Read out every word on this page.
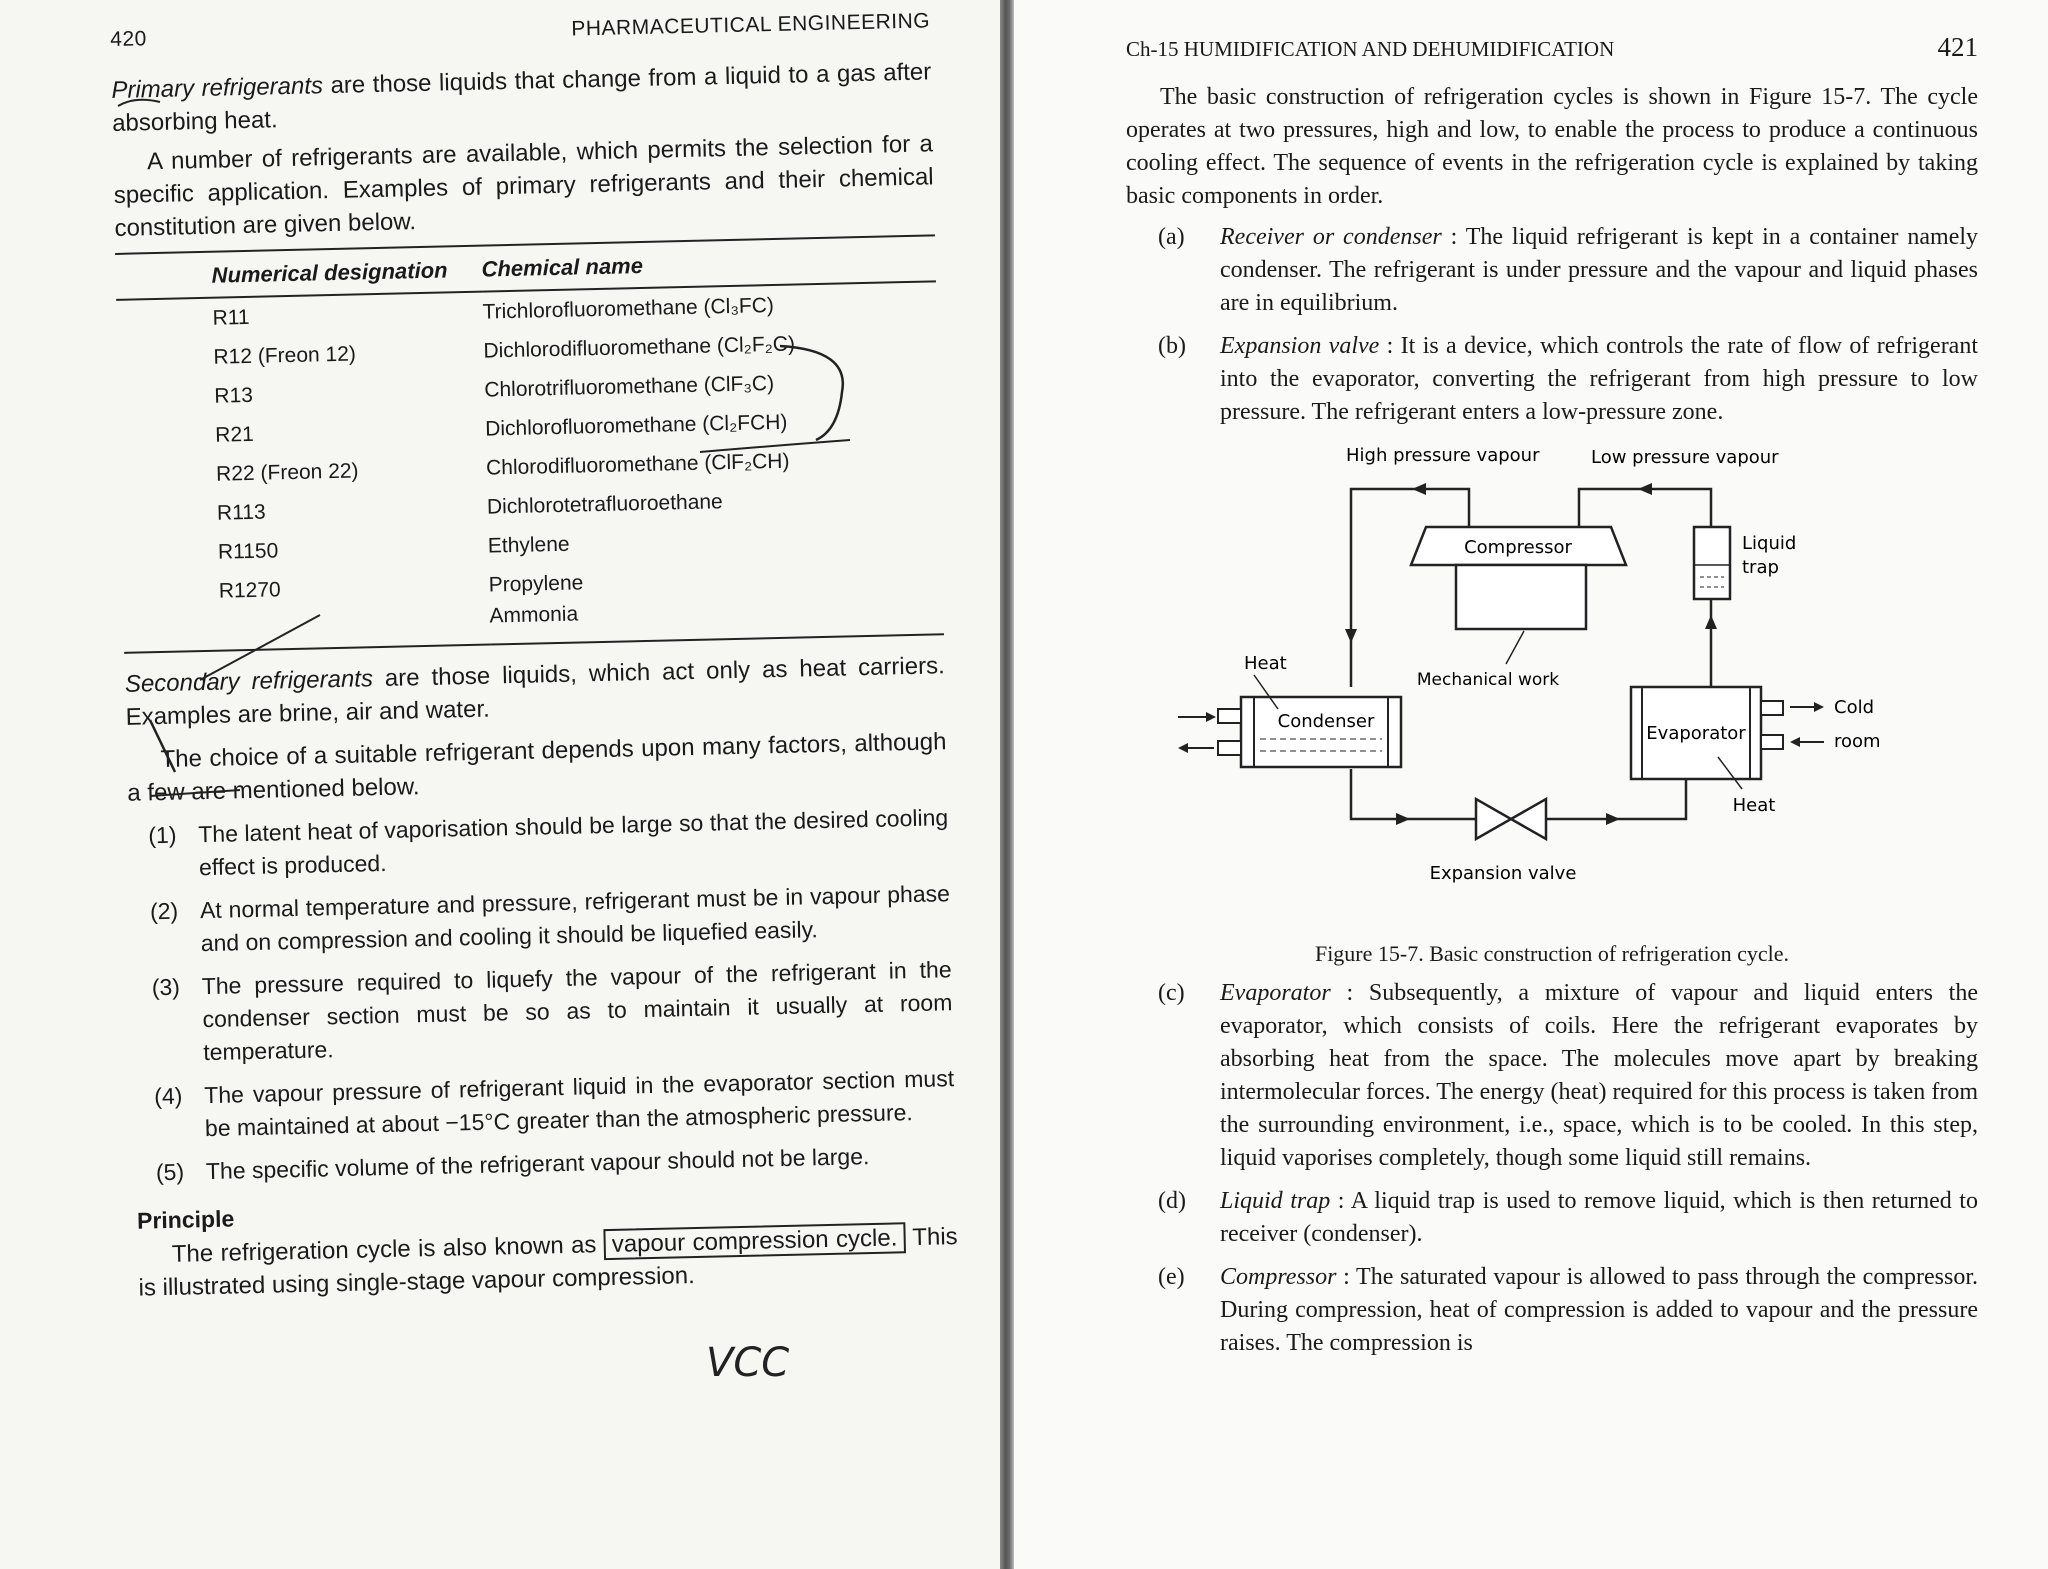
420	PHARMACEUTICAL ENGINEERING

Primary refrigerants are those liquids that change from a liquid to a gas after absorbing heat.

A number of refrigerants are available, which permits the selection for a specific application. Examples of primary refrigerants and their chemical constitution are given below.

Numerical designation	Chemical name
R11	Trichlorofluoromethane (Cl₃FC)
R12 (Freon 12)	Dichlorodifluoromethane (Cl₂F₂C)
R13	Chlorotrifluoromethane (ClF₃C)
R21	Dichlorofluoromethane (Cl₂FCH)
R22 (Freon 22)	Chlorodifluoromethane (ClF₂CH)
R113	Dichlorotetrafluoroethane
R1150	Ethylene
R1270	Propylene
	Ammonia

Secondary refrigerants are those liquids, which act only as heat carriers. Examples are brine, air and water.

The choice of a suitable refrigerant depends upon many factors, although a few are mentioned below.

(1) The latent heat of vaporisation should be large so that the desired cooling effect is produced.
(2) At normal temperature and pressure, refrigerant must be in vapour phase and on compression and cooling it should be liquefied easily.
(3) The pressure required to liquefy the vapour of the refrigerant in the condenser section must be so as to maintain it usually at room temperature.
(4) The vapour pressure of refrigerant liquid in the evaporator section must be maintained at about −15°C greater than the atmospheric pressure.
(5) The specific volume of the refrigerant vapour should not be large.
Principle

The refrigeration cycle is also known as vapour compression cycle. This is illustrated using single-stage vapour compression.

VCC
Ch-15 HUMIDIFICATION AND DEHUMIDIFICATION	421

The basic construction of refrigeration cycles is shown in Figure 15-7. The cycle operates at two pressures, high and low, to enable the process to produce a continuous cooling effect. The sequence of events in the refrigeration cycle is explained by taking basic components in order.

(a)	Receiver or condenser : The liquid refrigerant is kept in a container namely condenser. The refrigerant is under pressure and the vapour and liquid phases are in equilibrium.
(b)	Expansion valve : It is a device, which controls the rate of flow of refrigerant into the evaporator, converting the refrigerant from high pressure to low pressure. The refrigerant enters a low-pressure zone.
High pressure vapour	Low pressure vapour
Compressor
Mechanical work
Liquid
trap
Condenser
Heat
Expansion valve
Evaporator
Cold
room
Heat
Figure 15-7. Basic construction of refrigeration cycle.
(c)	Evaporator : Subsequently, a mixture of vapour and liquid enters the evaporator, which consists of coils. Here the refrigerant evaporates by absorbing heat from the space. The molecules move apart by breaking intermolecular forces. The energy (heat) required for this process is taken from the surrounding environment, i.e., space, which is to be cooled. In this step, liquid vaporises completely, though some liquid still remains.
(d)	Liquid trap : A liquid trap is used to remove liquid, which is then returned to receiver (condenser).
(e)	Compressor : The saturated vapour is allowed to pass through the compressor. During compression, heat of compression is added to vapour and the pressure raises. The compression is
